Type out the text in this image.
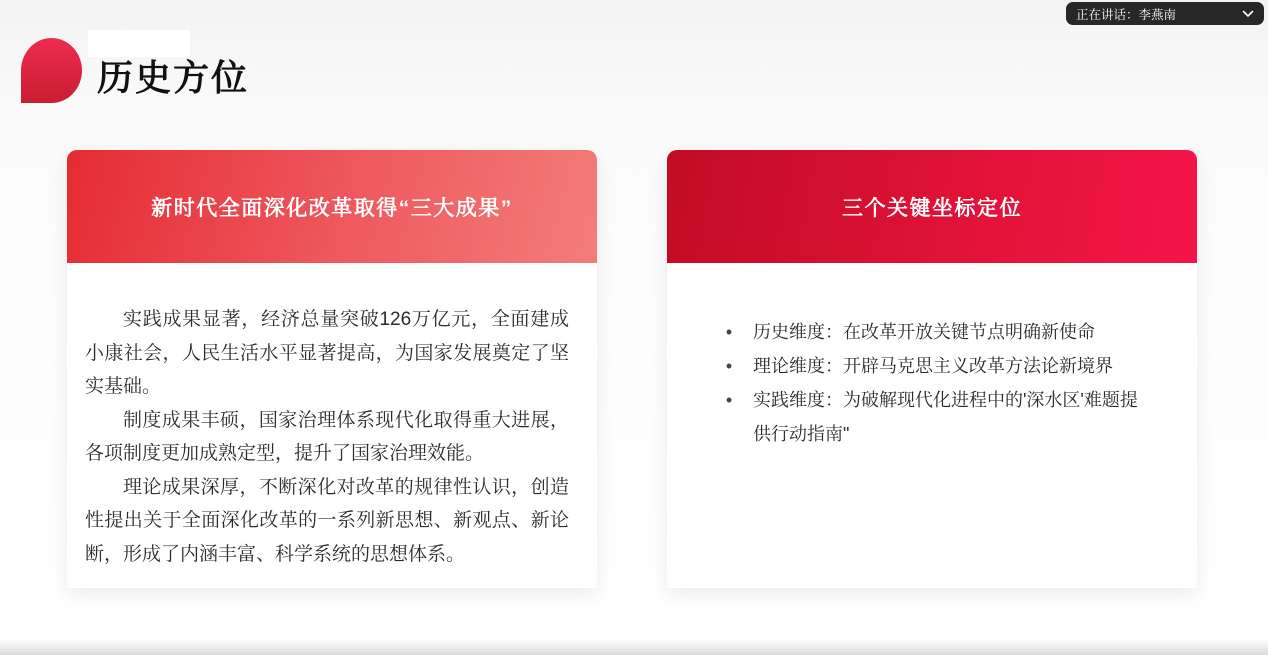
正在讲话：李燕南
历史方位
新时代全面深化改革取得“三大成果”

实践成果显著，经济总量突破126万亿元，全面建成小康社会，人民生活水平显著提高，为国家发展奠定了坚实基础。

制度成果丰硕，国家治理体系现代化取得重大进展，各项制度更加成熟定型，提升了国家治理效能。

理论成果深厚，不断深化对改革的规律性认识，创造性提出关于全面深化改革的一系列新思想、新观点、新论断，形成了内涵丰富、科学系统的思想体系。

三个关键坐标定位
•	历史维度：在改革开放关键节点明确新使命
•	理论维度：开辟马克思主义改革方法论新境界
•	实践维度：为破解现代化进程中的'深水区'难题提供行动指南"
